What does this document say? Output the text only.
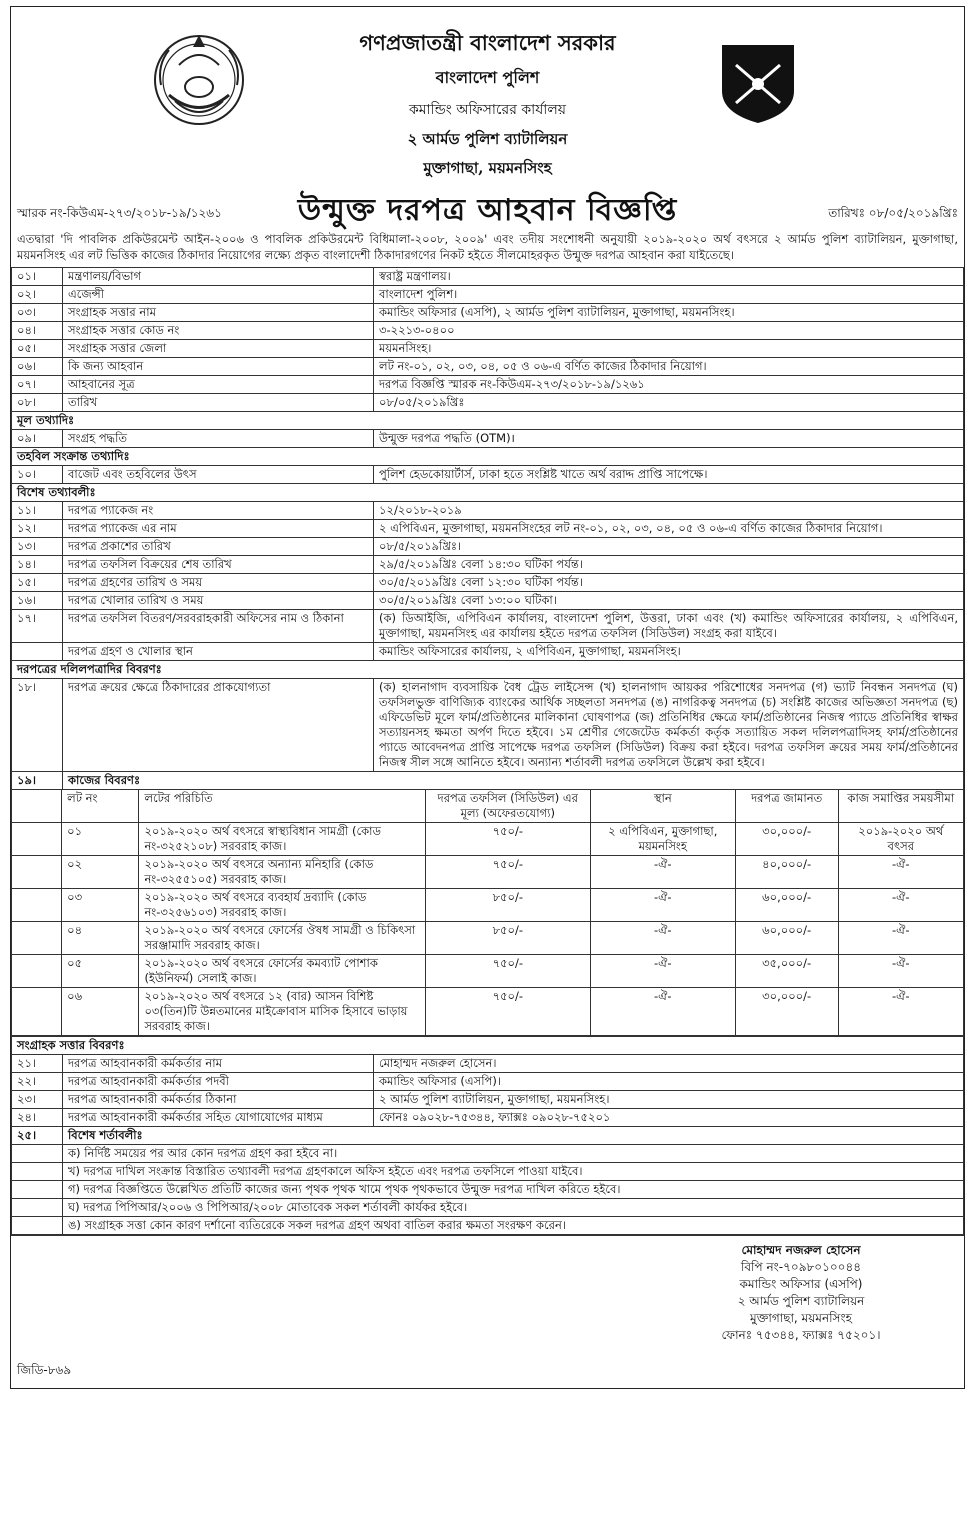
গণপ্রজাতন্ত্রী বাংলাদেশ সরকার
বাংলাদেশ পুলিশ
কমান্ডিং অফিসারের কার্যালয়
২ আর্মড পুলিশ ব্যাটালিয়ন
মুক্তাগাছা, ময়মনসিংহ
উন্মুক্ত দরপত্র আহবান বিজ্ঞপ্তি
স্মারক নং-কিউএম-২৭৩/২০১৮-১৯/১২৬১	তারিখঃ ০৮/০৫/২০১৯খ্রিঃ
এতদ্বারা 'দি পাবলিক প্রকিউরমেন্ট আইন-২০০৬ ও পাবলিক প্রকিউরমেন্ট বিধিমালা-২০০৮, ২০০৯' এবং তদীয় সংশোধনী অনুযায়ী ২০১৯-২০২০ অর্থ বৎসরে ২ আর্মড পুলিশ ব্যাটালিয়ন, মুক্তাগাছা, ময়মনসিংহ এর লট ভিত্তিক কাজের ঠিকাদার নিয়োগের লক্ষ্যে প্রকৃত বাংলাদেশী ঠিকাদারগণের নিকট হইতে সীলমোহরকৃত উন্মুক্ত দরপত্র আহবান করা যাইতেছে।
০১।	মন্ত্রণালয়/বিভাগ	স্বরাষ্ট্র মন্ত্রণালয়।
০২।	এজেন্সী	বাংলাদেশ পুলিশ।
০৩।	সংগ্রাহক সত্তার নাম	কমান্ডিং অফিসার (এসপি), ২ আর্মড পুলিশ ব্যাটালিয়ন, মুক্তাগাছা, ময়মনসিংহ।
০৪।	সংগ্রাহক সত্তার কোড নং	৩-২২১৩-০৪০০
০৫।	সংগ্রাহক সত্তার জেলা	ময়মনসিংহ।
০৬।	কি জন্য আহবান	লট নং-০১, ০২, ০৩, ০৪, ০৫ ও ০৬-এ বর্ণিত কাজের ঠিকাদার নিয়োগ।
০৭।	আহবানের সূত্র	দরপত্র বিজ্ঞপ্তি স্মারক নং-কিউএম-২৭৩/২০১৮-১৯/১২৬১
০৮।	তারিখ	০৮/০৫/২০১৯খ্রিঃ
মূল তথ্যাদিঃ		
০৯।	সংগ্রহ পদ্ধতি	উন্মুক্ত দরপত্র পদ্ধতি (OTM)।
তহবিল সংক্রান্ত তথ্যাদিঃ		
১০।	বাজেট এবং তহবিলের উৎস	পুলিশ হেডকোয়ার্টার্স, ঢাকা হতে সংশ্লিষ্ট খাতে অর্থ বরাদ্দ প্রাপ্তি সাপেক্ষে।
বিশেষ তথ্যাবলীঃ		
১১।	দরপত্র প্যাকেজ নং	১২/২০১৮-২০১৯
১২।	দরপত্র প্যাকেজ এর নাম	২ এপিবিএন, মুক্তাগাছা, ময়মনসিংহের লট নং-০১, ০২, ০৩, ০৪, ০৫ ও ০৬-এ বর্ণিত কাজের ঠিকাদার নিয়োগ।
১৩।	দরপত্র প্রকাশের তারিখ	০৮/৫/২০১৯খ্রিঃ।
১৪।	দরপত্র তফসিল বিক্রয়ের শেষ তারিখ	২৯/৫/২০১৯খ্রিঃ বেলা ১৪:৩০ ঘটিকা পর্যন্ত।
১৫।	দরপত্র গ্রহণের তারিখ ও সময়	৩০/৫/২০১৯খ্রিঃ বেলা ১২:৩০ ঘটিকা পর্যন্ত।
১৬।	দরপত্র খোলার তারিখ ও সময়	৩০/৫/২০১৯খ্রিঃ বেলা ১৩:০০ ঘটিকা।
১৭।	দরপত্র তফসিল বিতরণ/সরবরাহকারী অফিসের নাম ও ঠিকানা	(ক) ডিআইজি, এপিবিএন কার্যালয়, বাংলাদেশ পুলিশ, উত্তরা, ঢাকা এবং (খ) কমান্ডিং অফিসারের কার্যালয়, ২ এপিবিএন, মুক্তাগাছা, ময়মনসিংহ এর কার্যালয় হইতে দরপত্র তফসিল (সিডিউল) সংগ্রহ করা যাইবে।
	দরপত্র গ্রহণ ও খোলার স্থান	কমান্ডিং অফিসারের কার্যালয়, ২ এপিবিএন, মুক্তাগাছা, ময়মনসিংহ।
দরপত্রের দলিলপত্রাদির বিবরণঃ		
১৮।	দরপত্র ক্রয়ের ক্ষেত্রে ঠিকাদারের প্রাকযোগ্যতা	(ক) হালনাগাদ ব্যবসায়িক বৈধ ট্রেড লাইসেন্স (খ) হালনাগাদ আয়কর পরিশোধের সনদপত্র (গ) ভ্যাট নিবন্ধন সনদপত্র (ঘ) তফসিলভুক্ত বাণিজ্যিক ব্যাংকের আর্থিক সচ্ছলতা সনদপত্র (ঙ) নাগরিকত্ব সনদপত্র (চ) সংশ্লিষ্ট কাজের অভিজ্ঞতা সনদপত্র (ছ) এফিডেভিট মূলে ফার্ম/প্রতিষ্ঠানের মালিকানা ঘোষণাপত্র (জ) প্রতিনিধির ক্ষেত্রে ফার্ম/প্রতিষ্ঠানের নিজস্ব প্যাডে প্রতিনিধির স্বাক্ষর সত্যায়নসহ ক্ষমতা অর্পণ দিতে হইবে। ১ম শ্রেণীর গেজেটেড কর্মকর্তা কর্তৃক সত্যায়িত সকল দলিলপত্রাদিসহ ফার্ম/প্রতিষ্ঠানের প্যাডে আবেদনপত্র প্রাপ্তি সাপেক্ষে দরপত্র তফসিল (সিডিউল) বিক্রয় করা হইবে। দরপত্র তফসিল ক্রয়ের সময় ফার্ম/প্রতিষ্ঠানের নিজস্ব সীল সঙ্গে আনিতে হইবে। অন্যান্য শর্তাবলী দরপত্র তফসিলে উল্লেখ করা হইবে।
১৯।	কাজের বিবরণঃ	
	লট নং	লটের পরিচিতি	দরপত্র তফসিল (সিডিউল) এর মূল্য (অফেরতযোগ্য)	স্থান	দরপত্র জামানত	কাজ সমাপ্তির সময়সীমা
	০১	২০১৯-২০২০ অর্থ বৎসরে স্বাস্থ্যবিধান সামগ্রী (কোড নং-৩২৫২১০৮) সরবরাহ কাজ।	৭৫০/-	২ এপিবিএন, মুক্তাগাছা, ময়মনসিংহ	৩০,০০০/-	২০১৯-২০২০ অর্থ বৎসর
	০২	২০১৯-২০২০ অর্থ বৎসরে অন্যান্য মনিহারি (কোড নং-৩২৫৫১০৫) সরবরাহ কাজ।	৭৫০/-	-ঐ-	৪০,০০০/-	-ঐ-
	০৩	২০১৯-২০২০ অর্থ বৎসরে ব্যবহার্য দ্রব্যাদি (কোড নং-৩২৫৬১০৩) সরবরাহ কাজ।	৮৫০/-	-ঐ-	৬০,০০০/-	-ঐ-
	০৪	২০১৯-২০২০ অর্থ বৎসরে ফোর্সের ঔষধ সামগ্রী ও চিকিৎসা সরঞ্জামাদি সরবরাহ কাজ।	৮৫০/-	-ঐ-	৬০,০০০/-	-ঐ-
	০৫	২০১৯-২০২০ অর্থ বৎসরে ফোর্সের কমব্যাট পোশাক (ইউনিফর্ম) সেলাই কাজ।	৭৫০/-	-ঐ-	৩৫,০০০/-	-ঐ-
	০৬	২০১৯-২০২০ অর্থ বৎসরে ১২ (বার) আসন বিশিষ্ট ০৩(তিন)টি উন্নতমানের মাইক্রোবাস মাসিক হিসাবে ভাড়ায় সরবরাহ কাজ।	৭৫০/-	-ঐ-	৩০,০০০/-	-ঐ-
সংগ্রাহক সত্তার বিবরণঃ		
২১।	দরপত্র আহবানকারী কর্মকর্তার নাম	মোহাম্মদ নজরুল হোসেন।
২২।	দরপত্র আহবানকারী কর্মকর্তার পদবী	কমান্ডিং অফিসার (এসপি)।
২৩।	দরপত্র আহবানকারী কর্মকর্তার ঠিকানা	২ আর্মড পুলিশ ব্যাটালিয়ন, মুক্তাগাছা, ময়মনসিংহ।
২৪।	দরপত্র আহবানকারী কর্মকর্তার সহিত যোগাযোগের মাধ্যম	ফোনঃ ০৯০২৮-৭৫৩৪৪, ফ্যাক্সঃ ০৯০২৮-৭৫২০১
২৫।	বিশেষ শর্তাবলীঃ	
	ক) নির্দিষ্ট সময়ের পর আর কোন দরপত্র গ্রহণ করা হইবে না।	
	খ) দরপত্র দাখিল সংক্রান্ত বিস্তারিত তথ্যাবলী দরপত্র গ্রহণকালে অফিস হইতে এবং দরপত্র তফসিলে পাওয়া যাইবে।	
	গ) দরপত্র বিজ্ঞপ্তিতে উল্লেখিত প্রতিটি কাজের জন্য পৃথক পৃথক খামে পৃথক পৃথকভাবে উন্মুক্ত দরপত্র দাখিল করিতে হইবে।	
	ঘ) দরপত্র পিপিআর/২০০৬ ও পিপিআর/২০০৮ মোতাবেক সকল শর্তাবলী কার্যকর হইবে।	
	ঙ) সংগ্রাহক সত্তা কোন কারণ দর্শানো ব্যতিরেকে সকল দরপত্র গ্রহণ অথবা বাতিল করার ক্ষমতা সংরক্ষণ করেন।	
মোহাম্মদ নজরুল হোসেন
বিপি নং-৭০৯৮০১০০৪৪
কমান্ডিং অফিসার (এসপি)
২ আর্মড পুলিশ ব্যাটালিয়ন
মুক্তাগাছা, ময়মনসিংহ
ফোনঃ ৭৫৩৪৪, ফ্যাক্সঃ ৭৫২০১।
জিডি-৮৬৯
